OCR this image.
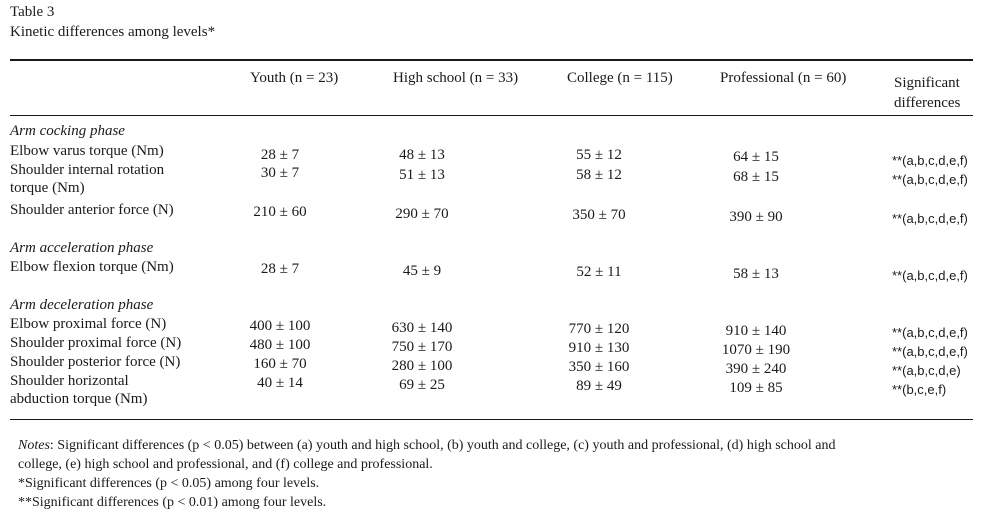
Table 3
Kinetic differences among levels*
Youth (n = 23)	High school (n = 33)	College (n = 115)	Professional (n = 60)	Significant
differences
Arm cocking phase
Elbow varus torque (Nm)	28 ± 7	48 ± 13	55 ± 12	64 ± 15	**(a,b,c,d,e,f)
Shoulder internal rotation
torque (Nm)
30 ± 7	51 ± 13	58 ± 12	68 ± 15	**(a,b,c,d,e,f)
Shoulder anterior force (N)	210 ± 60	290 ± 70	350 ± 70	390 ± 90	**(a,b,c,d,e,f)
Arm acceleration phase
Elbow flexion torque (Nm)	28 ± 7	45 ± 9	52 ± 11	58 ± 13	**(a,b,c,d,e,f)
Arm deceleration phase
Elbow proximal force (N)	400 ± 100	630 ± 140	770 ± 120	910 ± 140	**(a,b,c,d,e,f)
Shoulder proximal force (N)	480 ± 100	750 ± 170	910 ± 130	1070 ± 190	**(a,b,c,d,e,f)
Shoulder posterior force (N)	160 ± 70	280 ± 100	350 ± 160	390 ± 240	**(a,b,c,d,e)
Shoulder horizontal
abduction torque (Nm)
40 ± 14	69 ± 25	89 ± 49	109 ± 85	**(b,c,e,f)
Notes: Significant differences (p < 0.05) between (a) youth and high school, (b) youth and college, (c) youth and professional, (d) high school and
college, (e) high school and professional, and (f) college and professional.
*Significant differences (p < 0.05) among four levels.
**Significant differences (p < 0.01) among four levels.
